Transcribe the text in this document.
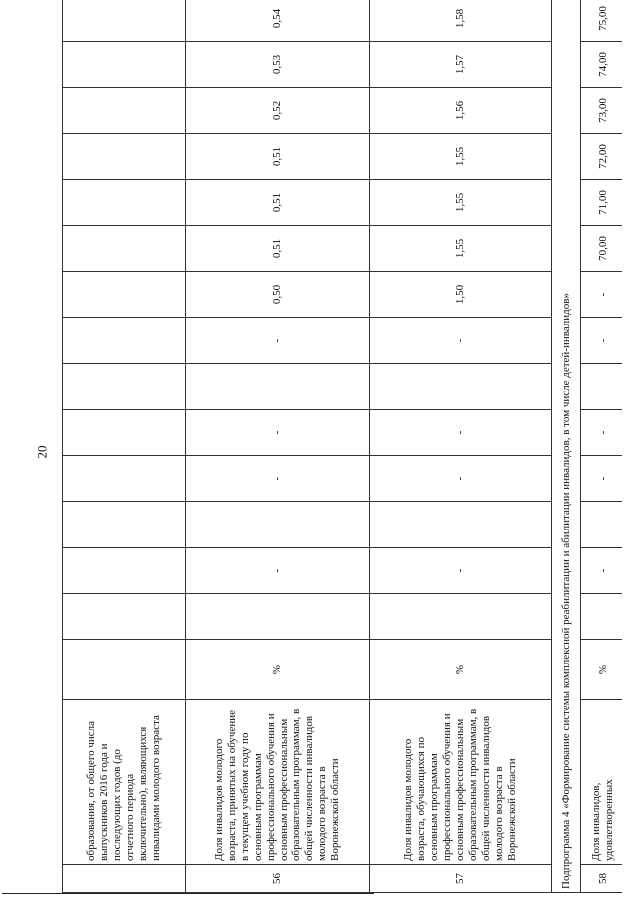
20
	образования, от общего числа выпускников 2016 года и последующих годов (до отчетного периода включительно), являющихся инвалидами молодого возраста																
56	Доля инвалидов молодого возраста, принятых на обучение в текущем учебном году по основным программам профессионального обучения и основным профессиональным образовательным программам, в общей численности инвалидов молодого возраста в Воронежской области	%		-		-	-		-	0,50	0,51	0,51	0,51	0,52	0,53	0,54	
57	Доля инвалидов молодого возраста, обучающихся по основным программам профессионального обучения и основным профессиональным образовательным программам, в общей численности инвалидов молодого возраста в Воронежской области	%		-		-	-		-	1,50	1,55	1,55	1,55	1,56	1,57	1,58	
Подпрограмма 4 «Формирование системы комплексной реабилитации и абилитации инвалидов, в том числе детей-инвалидов»																	
58	Доля инвалидов, удовлетворенных	%		-		-	-		-	-	70,00	71,00	72,00	73,00	74,00	75,00	
